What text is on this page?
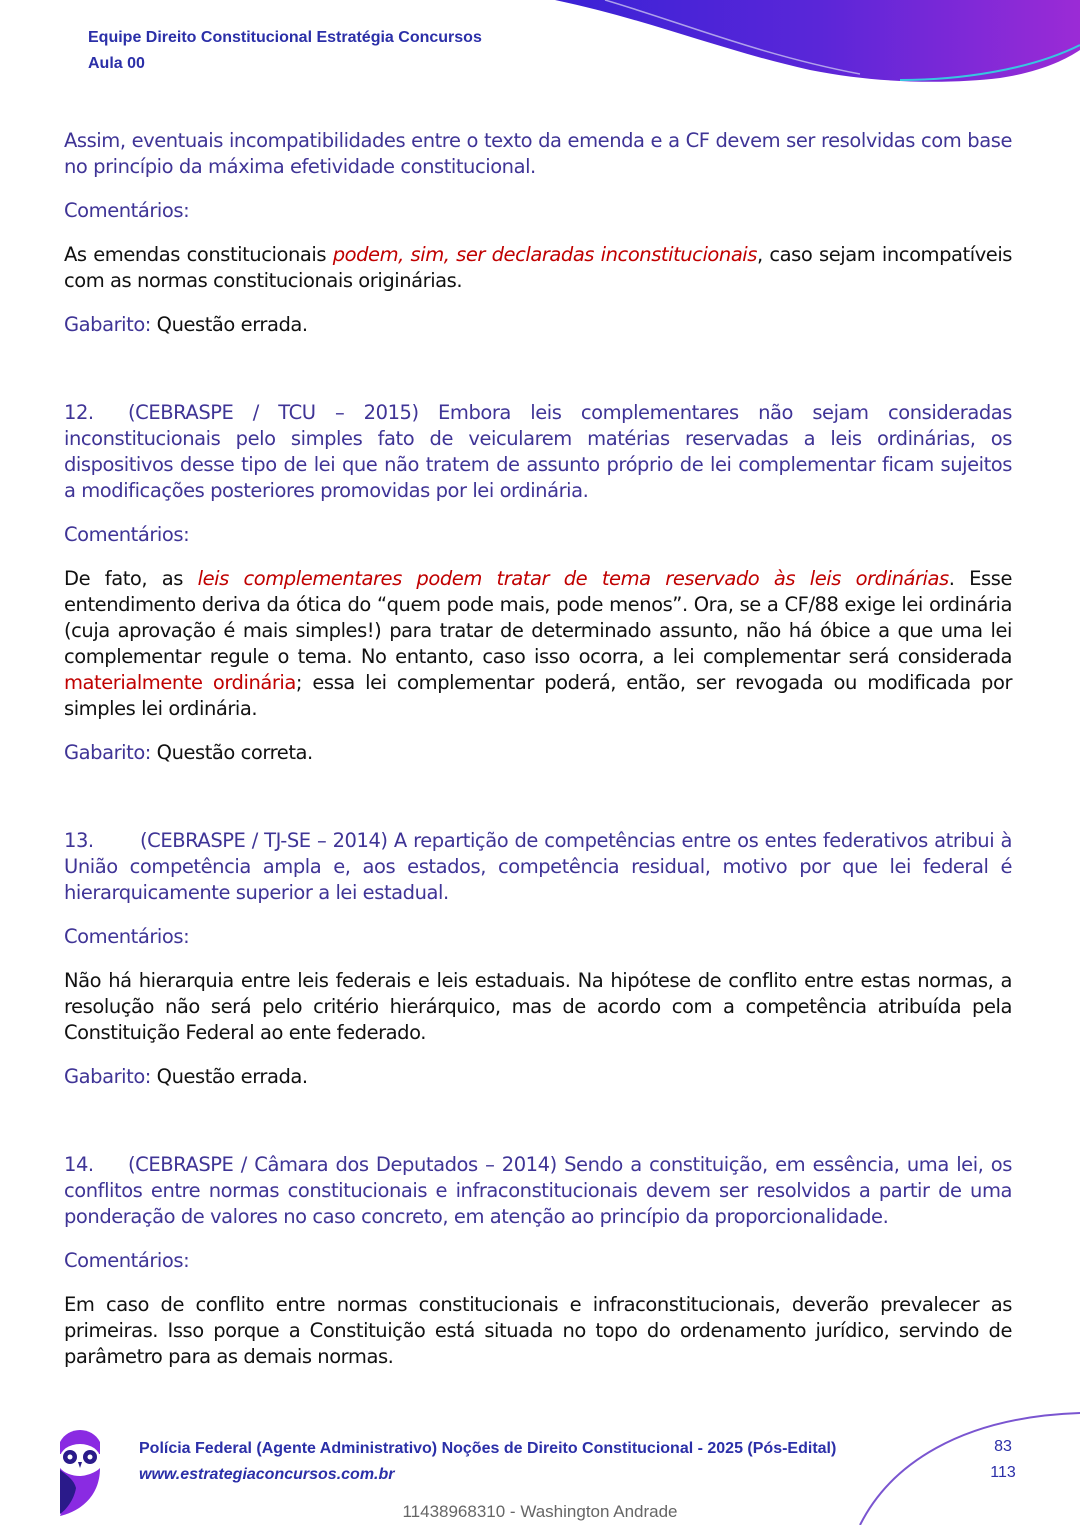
Equipe Direito Constitucional Estratégia Concursos
Aula 00

Assim, eventuais incompatibilidades entre o texto da emenda e a CF devem ser resolvidas com base no princípio da máxima efetividade constitucional.

Comentários:

As emendas constitucionais podem, sim, ser declaradas inconstitucionais, caso sejam incompatíveis com as normas constitucionais originárias.

Gabarito: Questão errada.

12. (CEBRASPE / TCU – 2015) Embora leis complementares não sejam consideradas inconstitucionais pelo simples fato de veicularem matérias reservadas a leis ordinárias, os dispositivos desse tipo de lei que não tratem de assunto próprio de lei complementar ficam sujeitos a modificações posteriores promovidas por lei ordinária.

Comentários:

De fato, as leis complementares podem tratar de tema reservado às leis ordinárias. Esse entendimento deriva da ótica do “quem pode mais, pode menos”. Ora, se a CF/88 exige lei ordinária (cuja aprovação é mais simples!) para tratar de determinado assunto, não há óbice a que uma lei complementar regule o tema. No entanto, caso isso ocorra, a lei complementar será considerada materialmente ordinária; essa lei complementar poderá, então, ser revogada ou modificada por simples lei ordinária.

Gabarito: Questão correta.

13. (CEBRASPE / TJ-SE – 2014) A repartição de competências entre os entes federativos atribui à União competência ampla e, aos estados, competência residual, motivo por que lei federal é hierarquicamente superior a lei estadual.

Comentários:

Não há hierarquia entre leis federais e leis estaduais. Na hipótese de conflito entre estas normas, a resolução não será pelo critério hierárquico, mas de acordo com a competência atribuída pela Constituição Federal ao ente federado.

Gabarito: Questão errada.

14. (CEBRASPE / Câmara dos Deputados – 2014) Sendo a constituição, em essência, uma lei, os conflitos entre normas constitucionais e infraconstitucionais devem ser resolvidos a partir de uma ponderação de valores no caso concreto, em atenção ao princípio da proporcionalidade.

Comentários:

Em caso de conflito entre normas constitucionais e infraconstitucionais, deverão prevalecer as primeiras. Isso porque a Constituição está situada no topo do ordenamento jurídico, servindo de parâmetro para as demais normas.

Polícia Federal (Agente Administrativo) Noções de Direito Constitucional - 2025 (Pós-Edital)
www.estrategiaconcursos.com.br
83
113
11438968310 - Washington Andrade
